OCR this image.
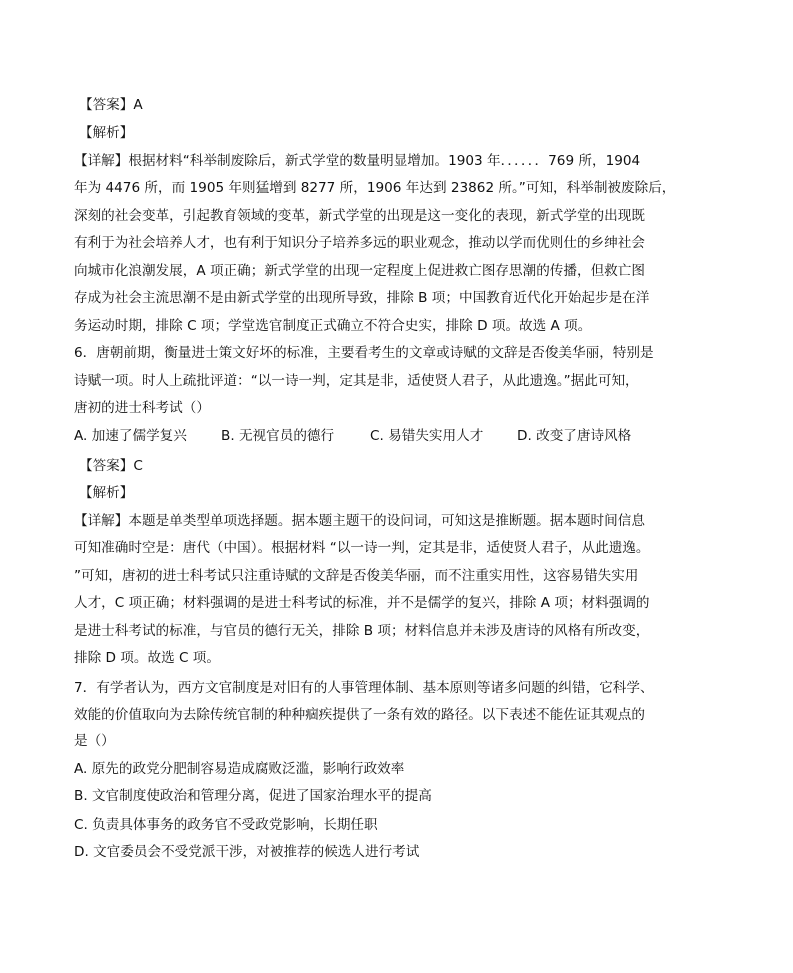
【答案】A
【解析】
【详解】根据材料“科举制废除后，新式学堂的数量明显增加。1903 年．．．．．．769 所，1904
年为 4476 所，而 1905 年则猛增到 8277 所，1906 年达到 23862 所。”可知，科举制被废除后，
深刻的社会变革，引起教育领域的变革，新式学堂的出现是这一变化的表现，新式学堂的出现既
有利于为社会培养人才，也有利于知识分子培养多远的职业观念，推动以学而优则仕的乡绅社会
向城市化浪潮发展，A 项正确；新式学堂的出现一定程度上促进救亡图存思潮的传播，但救亡图
存成为社会主流思潮不是由新式学堂的出现所导致，排除 B 项；中国教育近代化开始起步是在洋
务运动时期，排除 C 项；学堂选官制度正式确立不符合史实，排除 D 项。故选 A 项。
6．唐朝前期，衡量进士策文好坏的标准，主要看考生的文章或诗赋的文辞是否俊美华丽，特别是
诗赋一项。时人上疏批评道：“以一诗一判，定其是非，适使贤人君子，从此遗逸。”据此可知，
唐初的进士科考试（）
A. 加速了儒学复兴	B. 无视官员的德行	C. 易错失实用人才 D. 改变了唐诗风格
【答案】C
【解析】
【详解】本题是单类型单项选择题。据本题主题干的设问词，可知这是推断题。据本题时间信息
可知准确时空是：唐代（中国）。根据材料 “以一诗一判，定其是非，适使贤人君子，从此遗逸。
”可知，唐初的进士科考试只注重诗赋的文辞是否俊美华丽，而不注重实用性，这容易错失实用
人才，C 项正确；材料强调的是进士科考试的标准，并不是儒学的复兴，排除 A 项；材料强调的
是进士科考试的标准，与官员的德行无关，排除 B 项；材料信息并未涉及唐诗的风格有所改变，
排除 D 项。故选 C 项。
7．有学者认为，西方文官制度是对旧有的人事管理体制、基本原则等诸多问题的纠错，它科学、
效能的价值取向为去除传统官制的种种痼疾提供了一条有效的路径。以下表述不能佐证其观点的
是（）
A. 原先的政党分肥制容易造成腐败泛滥，影响行政效率
B. 文官制度使政治和管理分离，促进了国家治理水平的提高
C. 负责具体事务的政务官不受政党影响，长期任职
D. 文官委员会不受党派干涉，对被推荐的候选人进行考试
